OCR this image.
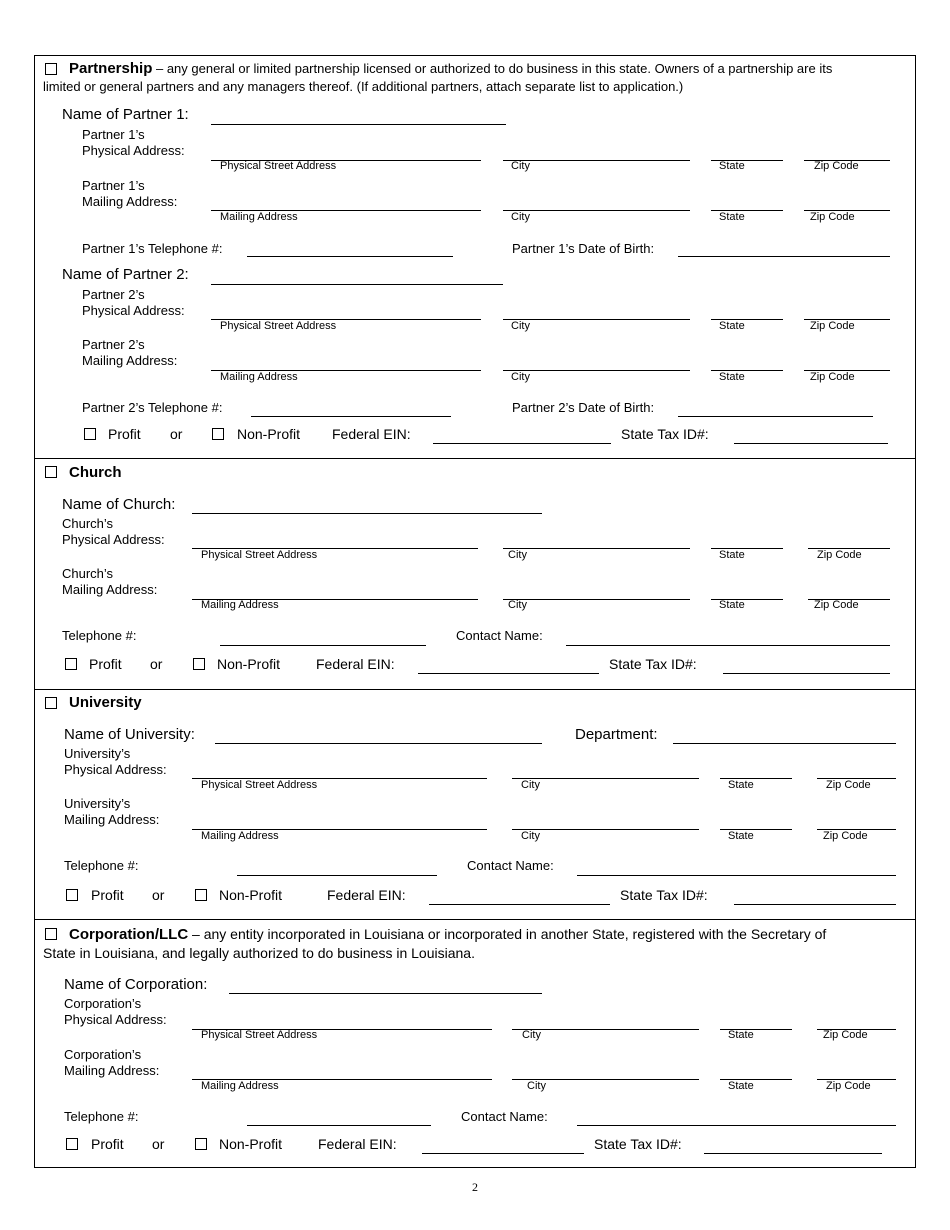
Partnership – any general or limited partnership licensed or authorized to do business in this state. Owners of a partnership are its
limited or general partners and any managers thereof. (If additional partners, attach separate list to application.)
Name of Partner 1:
Partner 1’s
Physical Address:
Physical Street Address	City	State	Zip Code
Partner 1’s
Mailing Address:
Mailing Address	City	State	Zip Code
Partner 1’s Telephone #:	Partner 1’s Date of Birth:
Name of Partner 2:
Partner 2’s
Physical Address:
Physical Street Address	City	State	Zip Code
Partner 2’s
Mailing Address:
Mailing Address	City	State	Zip Code
Partner 2’s Telephone #:	Partner 2’s Date of Birth:
Profit or	Non-Profit Federal EIN:	State Tax ID#:
Church
Name of Church:
Church’s
Physical Address:
Physical Street Address	City	State	Zip Code
Church’s
Mailing Address:
Mailing Address	City	State	Zip Code
Telephone #:	Contact Name:
Profit or	Non-Profit	Federal EIN:	State Tax ID#:
University
Name of University:	Department:
University’s
Physical Address:
Physical Street Address	City	State	Zip Code
University’s
Mailing Address:
Mailing Address	City	State	Zip Code
Telephone #:	Contact Name:
Profit or	Non-Profit	Federal EIN:	State Tax ID#:
Corporation/LLC – any entity incorporated in Louisiana or incorporated in another State, registered with the Secretary of
State in Louisiana, and legally authorized to do business in Louisiana.
Name of Corporation:
Corporation’s
Physical Address:
Physical Street Address	City	State	Zip Code
Corporation’s
Mailing Address:
Mailing Address	City	State	Zip Code
Telephone #:	Contact Name:
Profit or	Non-Profit	Federal EIN:	State Tax ID#:
2
